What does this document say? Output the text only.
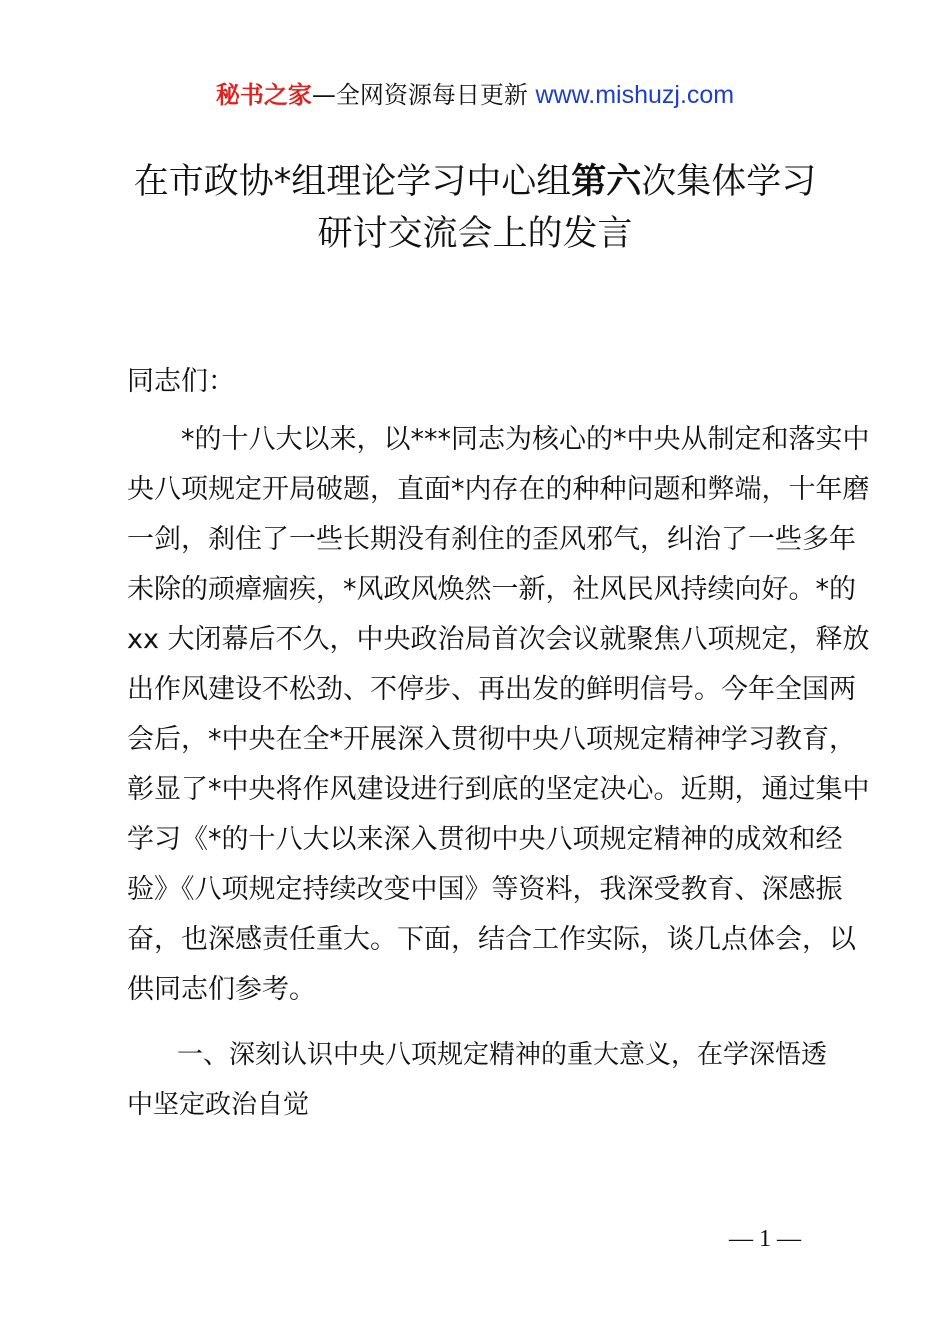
秘书之家—全网资源每日更新 www.mishuzj.com
在市政协*组理论学习中心组第六次集体学习
研讨交流会上的发言
同志们：
*的十八大以来，以***同志为核心的*中央从制定和落实中
央八项规定开局破题，直面*内存在的种种问题和弊端，十年磨
一剑，刹住了一些长期没有刹住的歪风邪气，纠治了一些多年
未除的顽瘴痼疾，*风政风焕然一新，社风民风持续向好。*的
xx 大闭幕后不久，中央政治局首次会议就聚焦八项规定，释放
出作风建设不松劲、不停步、再出发的鲜明信号。今年全国两
会后，*中央在全*开展深入贯彻中央八项规定精神学习教育，
彰显了*中央将作风建设进行到底的坚定决心。近期，通过集中
学习《*的十八大以来深入贯彻中央八项规定精神的成效和经
验》《八项规定持续改变中国》等资料，我深受教育、深感振
奋，也深感责任重大。下面，结合工作实际，谈几点体会，以
供同志们参考。
一、深刻认识中央八项规定精神的重大意义，在学深悟透
中坚定政治自觉
— 1 —
